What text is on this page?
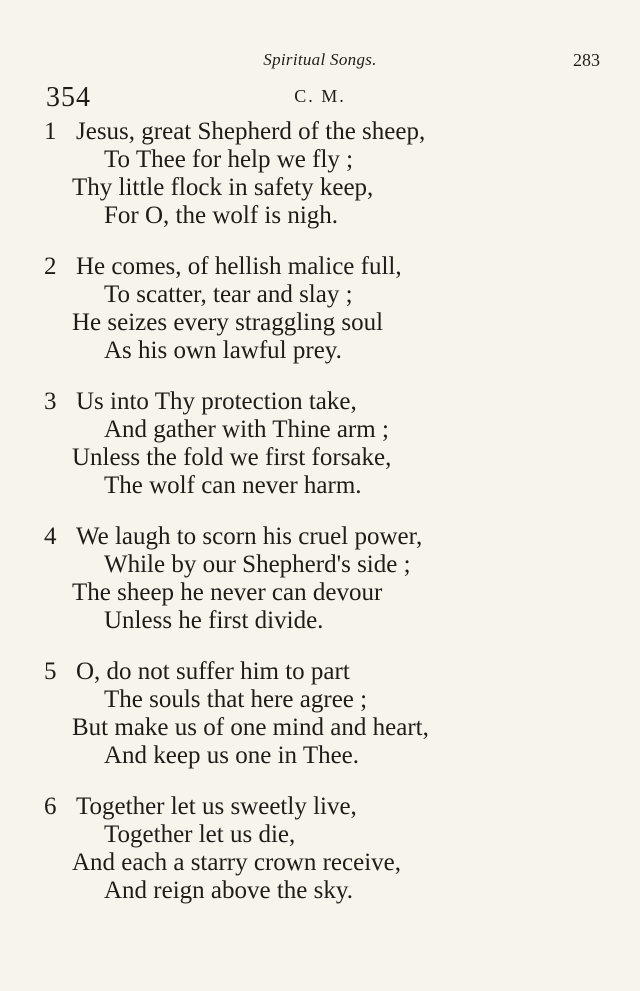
Spiritual Songs.	283
354	C. M.
1 Jesus, great Shepherd of the sheep,
To Thee for help we fly ;
Thy little flock in safety keep,
For O, the wolf is nigh.
2 He comes, of hellish malice full,
To scatter, tear and slay ;
He seizes every straggling soul
As his own lawful prey.
3 Us into Thy protection take,
And gather with Thine arm ;
Unless the fold we first forsake,
The wolf can never harm.
4 We laugh to scorn his cruel power,
While by our Shepherd's side ;
The sheep he never can devour
Unless he first divide.
5 O, do not suffer him to part
The souls that here agree ;
But make us of one mind and heart,
And keep us one in Thee.
6 Together let us sweetly live,
Together let us die,
And each a starry crown receive,
And reign above the sky.
